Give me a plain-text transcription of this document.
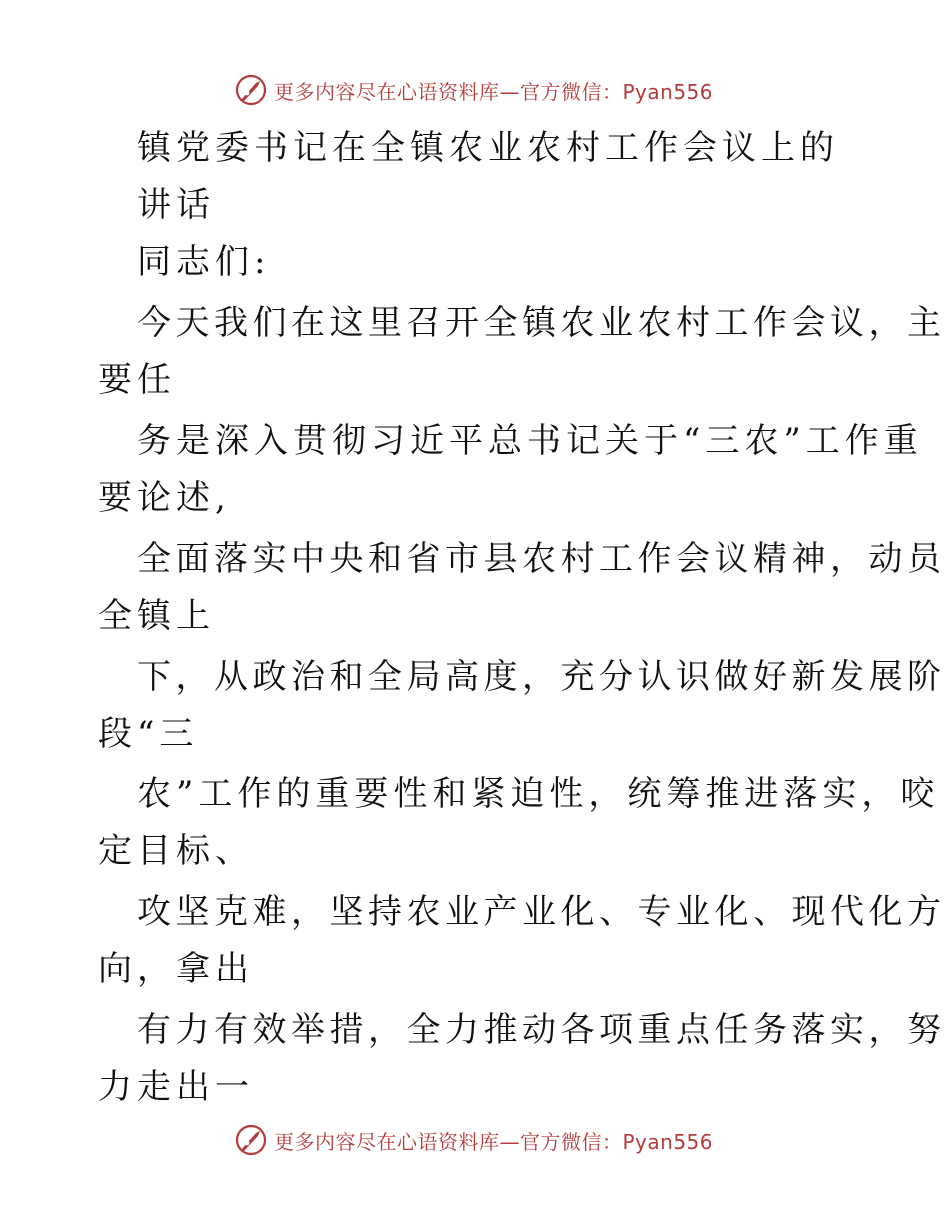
更多内容尽在心语资料库—官方微信：Pyan556
镇党委书记在全镇农业农村工作会议上的
讲话
同志们:
今天我们在这里召开全镇农业农村工作会议，主
要任
务是深入贯彻习近平总书记关于“三农”工作重
要论述,
全面落实中央和省市县农村工作会议精神，动员
全镇上
下，从政治和全局高度，充分认识做好新发展阶
段“三
农”工作的重要性和紧迫性，统筹推进落实，咬
定目标、
攻坚克难，坚持农业产业化、专业化、现代化方
向，拿出
有力有效举措，全力推动各项重点任务落实，努
力走出一
更多内容尽在心语资料库—官方微信：Pyan556
